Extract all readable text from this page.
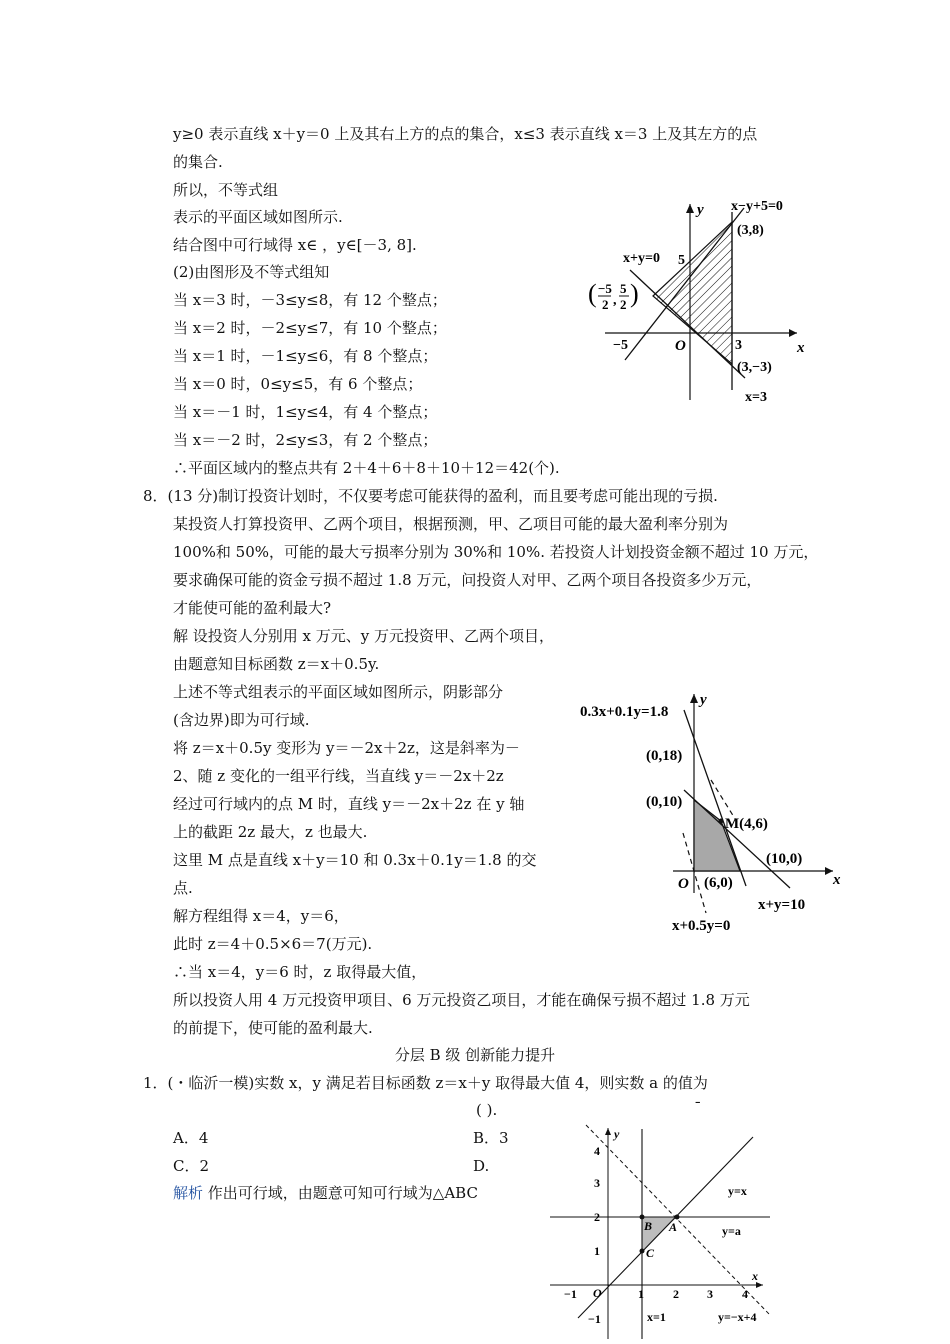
y≥0 表示直线 x＋y＝0 上及其右上方的点的集合，x≤3 表示直线 x＝3 上及其左方的点
的集合.
所以，不等式组
表示的平面区域如图所示.
结合图中可行域得 x∈ ，y∈[－3, 8].
(2)由图形及不等式组知
当 x＝3 时，－3≤y≤8，有 12 个整点；
当 x＝2 时，－2≤y≤7，有 10 个整点；
当 x＝1 时，－1≤y≤6，有 8 个整点；
当 x＝0 时，0≤y≤5，有 6 个整点；
当 x＝－1 时，1≤y≤4，有 4 个整点；
当 x＝－2 时，2≤y≤3，有 2 个整点；
∴平面区域内的整点共有 2＋4＋6＋8＋10＋12＝42(个).
x
y
O
x−y+5=0
x+y=0
x=3
(3,8)
(3,−3)
5
−5	3
( −5
2 ,
5
2 )
8．(13 分)制订投资计划时，不仅要考虑可能获得的盈利，而且要考虑可能出现的亏损.
某投资人打算投资甲、乙两个项目，根据预测，甲、乙项目可能的最大盈利率分别为
100%和 50%，可能的最大亏损率分别为 30%和 10%. 若投资人计划投资金额不超过 10 万元，
要求确保可能的资金亏损不超过 1.8 万元，问投资人对甲、乙两个项目各投资多少万元，
才能使可能的盈利最大?
解 设投资人分别用 x 万元、y 万元投资甲、乙两个项目，
由题意知目标函数 z＝x＋0.5y.
上述不等式组表示的平面区域如图所示，阴影部分
(含边界)即为可行域.
将 z＝x＋0.5y 变形为 y＝－2x＋2z，这是斜率为－
2、随 z 变化的一组平行线，当直线 y＝－2x＋2z
经过可行域内的点 M 时，直线 y＝－2x＋2z 在 y 轴
上的截距 2z 最大，z 也最大.
这里 M 点是直线 x＋y＝10 和 0.3x＋0.1y＝1.8 的交
点.
解方程组得 x＝4，y＝6，
此时 z＝4＋0.5×6＝7(万元).
∴当 x＝4，y＝6 时，z 取得最大值，
所以投资人用 4 万元投资甲项目、6 万元投资乙项目，才能在确保亏损不超过 1.8 万元
的前提下，使可能的盈利最大.
x
y
O
0.3x+0.1y=1.8
(0,18)
(0,10)
M(4,6)
(10,0)
(6,0)
x+y=10
x+0.5y=0
分层 B 级 创新能力提升
1．(・临沂一模)实数 x，y 满足若目标函数 z＝x＋y 取得最大值 4，则实数 a 的值为
( ).	ˉ
A．4	B．3
C．2	D.
解析 作出可行域，由题意可知可行域为△ABC
x
y
O
−1	1 2 3 4
4
3
2
1
−1
y=x
y=a
x=1	y=−x+4
A
B
C
